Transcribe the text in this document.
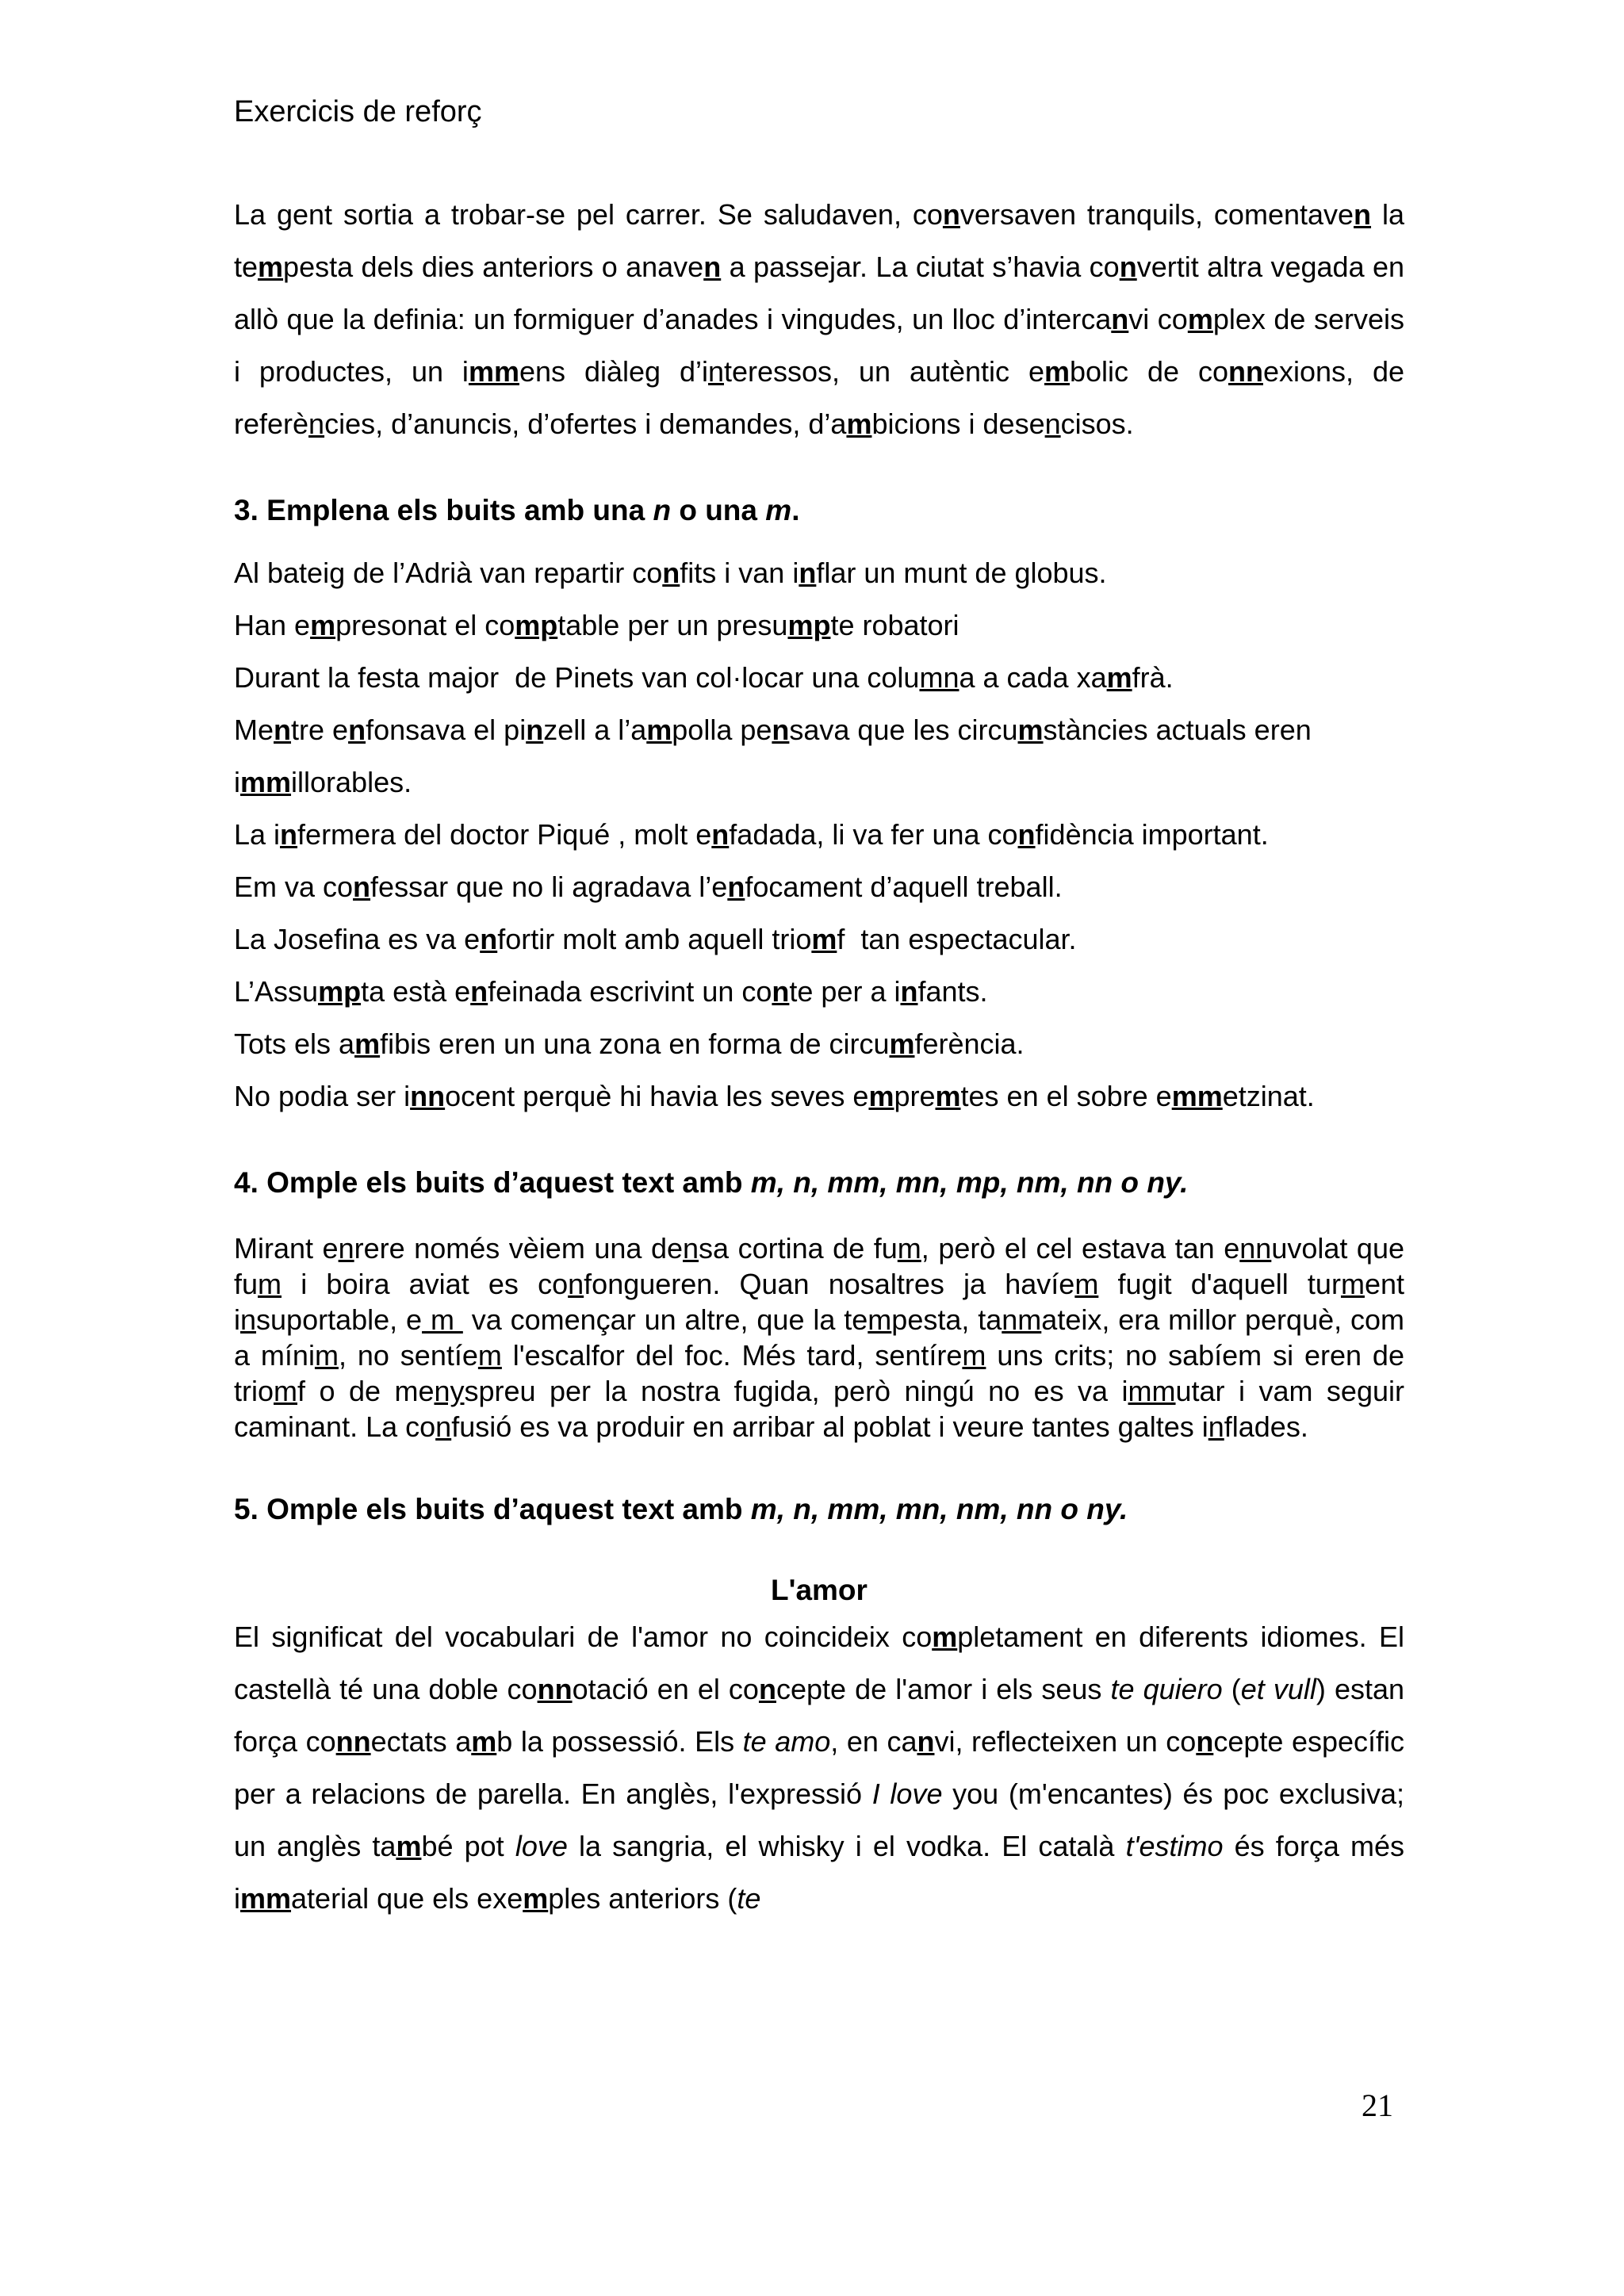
Exercicis de reforç

La gent sortia a trobar-se pel carrer. Se saludaven, conversaven tranquils, comentaven la tempesta dels dies anteriors o anaven a passejar. La ciutat s’havia convertit altra vegada en allò que la definia: un formiguer d’anades i vingudes, un lloc d’intercanvi complex de serveis i productes, un immens diàleg d’interessos, un autèntic embolic de connexions, de referències, d’anuncis, d’ofertes i demandes, d’ambicions i desencisos.

3. Emplena els buits amb una n o una m.

Al bateig de l’Adrià van repartir confits i van inflar un munt de globus.

Han empresonat el comptable per un presumpte robatori

Durant la festa major  de Pinets van col·locar una columna a cada xamfrà.

Mentre enfonsava el pinzell a l’ampolla pensava que les circumstàncies actuals eren immillorables.

La infermera del doctor Piqué , molt enfadada, li va fer una confidència important.

Em va confessar que no li agradava l’enfocament d’aquell treball.

La Josefina es va enfortir molt amb aquell triomf  tan espectacular.

L’Assumpta està enfeinada escrivint un conte per a infants.

Tots els amfibis eren un una zona en forma de circumferència.

No podia ser innocent perquè hi havia les seves empremtes en el sobre emmetzinat.

4. Omple els buits d’aquest text amb m, n, mm, mn, mp, nm, nn o ny.

Mirant enrere només vèiem una densa cortina de fum, però el cel estava tan ennuvolat que fum i boira aviat es confongueren. Quan nosaltres ja havíem fugit d'aquell turment insuportable, e m  va començar un altre, que la tempesta, tanmateix, era millor perquè, com a mínim, no sentíem l'escalfor del foc. Més tard, sentírem uns crits; no sabíem si eren de triomf o de menyspreu per la nostra fugida, però ningú no es va immutar i vam seguir caminant. La confusió es va produir en arribar al poblat i veure tantes galtes inflades.

5. Omple els buits d’aquest text amb m, n, mm, mn, nm, nn o ny.

L'amor

El significat del vocabulari de l'amor no coincideix completament en diferents idiomes. El castellà té una doble connotació en el concepte de l'amor i els seus te quiero (et vull) estan força connectats amb la possessió. Els te amo, en canvi, reflecteixen un concepte específic per a relacions de parella. En anglès, l'expressió I love you (m'encantes) és poc exclusiva; un anglès també pot love la sangria, el whisky i el vodka. El català t'estimo és força més immaterial que els exemples anteriors (te

21
